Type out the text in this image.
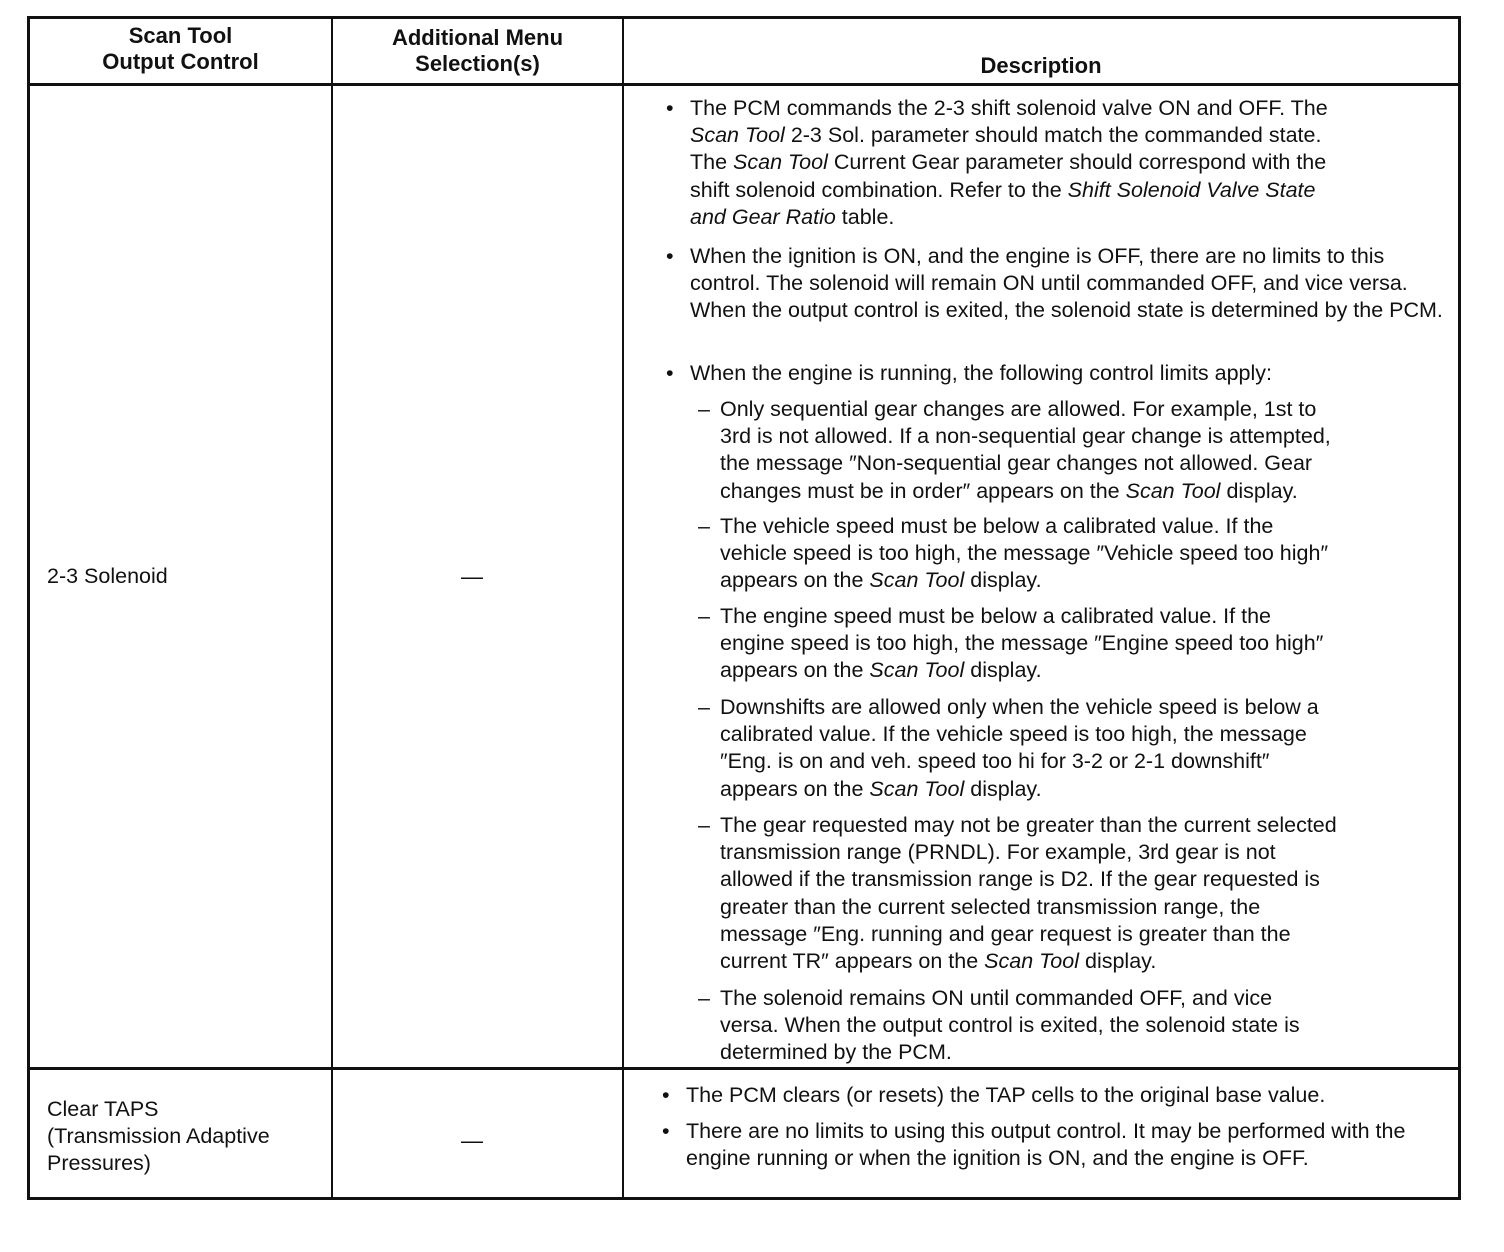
Scan Tool
Output Control
Additional Menu
Selection(s)	Description
2-3 Solenoid	—
• The PCM commands the 2-3 shift solenoid valve ON and OFF. The
Scan Tool 2-3 Sol. parameter should match the commanded state.
The Scan Tool Current Gear parameter should correspond with the
shift solenoid combination. Refer to the Shift Solenoid Valve State
and Gear Ratio table.

• When the ignition is ON, and the engine is OFF, there are no limits to this control. The solenoid will remain ON until commanded OFF, and vice versa. When the output control is exited, the solenoid state is determined by the PCM.

• When the engine is running, the following control limits apply:

– Only sequential gear changes are allowed. For example, 1st to
3rd is not allowed. If a non-sequential gear change is attempted,
the message ″Non-sequential gear changes not allowed. Gear
changes must be in order″ appears on the Scan Tool display.

– The vehicle speed must be below a calibrated value. If the
vehicle speed is too high, the message ″Vehicle speed too high″
appears on the Scan Tool display.

– The engine speed must be below a calibrated value. If the
engine speed is too high, the message ″Engine speed too high″
appears on the Scan Tool display.

– Downshifts are allowed only when the vehicle speed is below a
calibrated value. If the vehicle speed is too high, the message
″Eng. is on and veh. speed too hi for 3-2 or 2-1 downshift″
appears on the Scan Tool display.

– The gear requested may not be greater than the current selected
transmission range (PRNDL). For example, 3rd gear is not
allowed if the transmission range is D2. If the gear requested is
greater than the current selected transmission range, the
message ″Eng. running and gear request is greater than the
current TR″ appears on the Scan Tool display.

– The solenoid remains ON until commanded OFF, and vice
versa. When the output control is exited, the solenoid state is
determined by the PCM.

Clear TAPS
(Transmission Adaptive
Pressures)

—
• The PCM clears (or resets) the TAP cells to the original base value.

• There are no limits to using this output control. It may be performed with the engine running or when the ignition is ON, and the engine is OFF.
